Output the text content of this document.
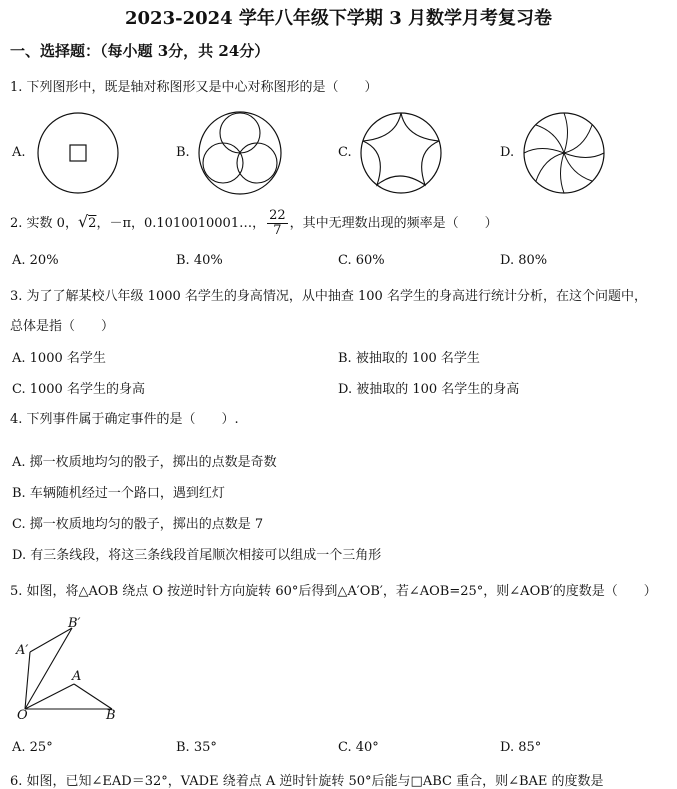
2023-2024 学年八年级下学期 3 月数学月考复习卷
一、选择题：（每小题 3分，共 24分）
1. 下列图形中，既是轴对称图形又是中心对称图形的是（　　）
A.	B.	C.	D.
2. 实数 0，√2，－π，0.1010010001…， $\frac{22}{7}$ ，其中无理数出现的频率是（　　）
A. 20%	B. 40%	C. 60%	D. 80%
3. 为了了解某校八年级 1000 名学生的身高情况，从中抽查 100 名学生的身高进行统计分析，在这个问题中，
总体是指（　　）
A. 1000 名学生	B. 被抽取的 100 名学生
C. 1000 名学生的身高	D. 被抽取的 100 名学生的身高
4. 下列事件属于确定事件的是（　　）.
A. 掷一枚质地均匀的骰子，掷出的点数是奇数
B. 车辆随机经过一个路口，遇到红灯
C. 掷一枚质地均匀的骰子，掷出的点数是 7
D. 有三条线段，将这三条线段首尾顺次相接可以组成一个三角形
5. 如图，将△AOB 绕点 O 按逆时针方向旋转 60°后得到△A′OB′，若∠AOB=25°，则∠AOB′的度数是（　　）
B′
A′
A
O	B
A. 25°	B. 35°	C. 40°	D. 85°
6. 如图，已知∠EAD＝32°，VADE 绕着点 A 逆时针旋转 50°后能与□ABC 重合，则∠BAE 的度数是
